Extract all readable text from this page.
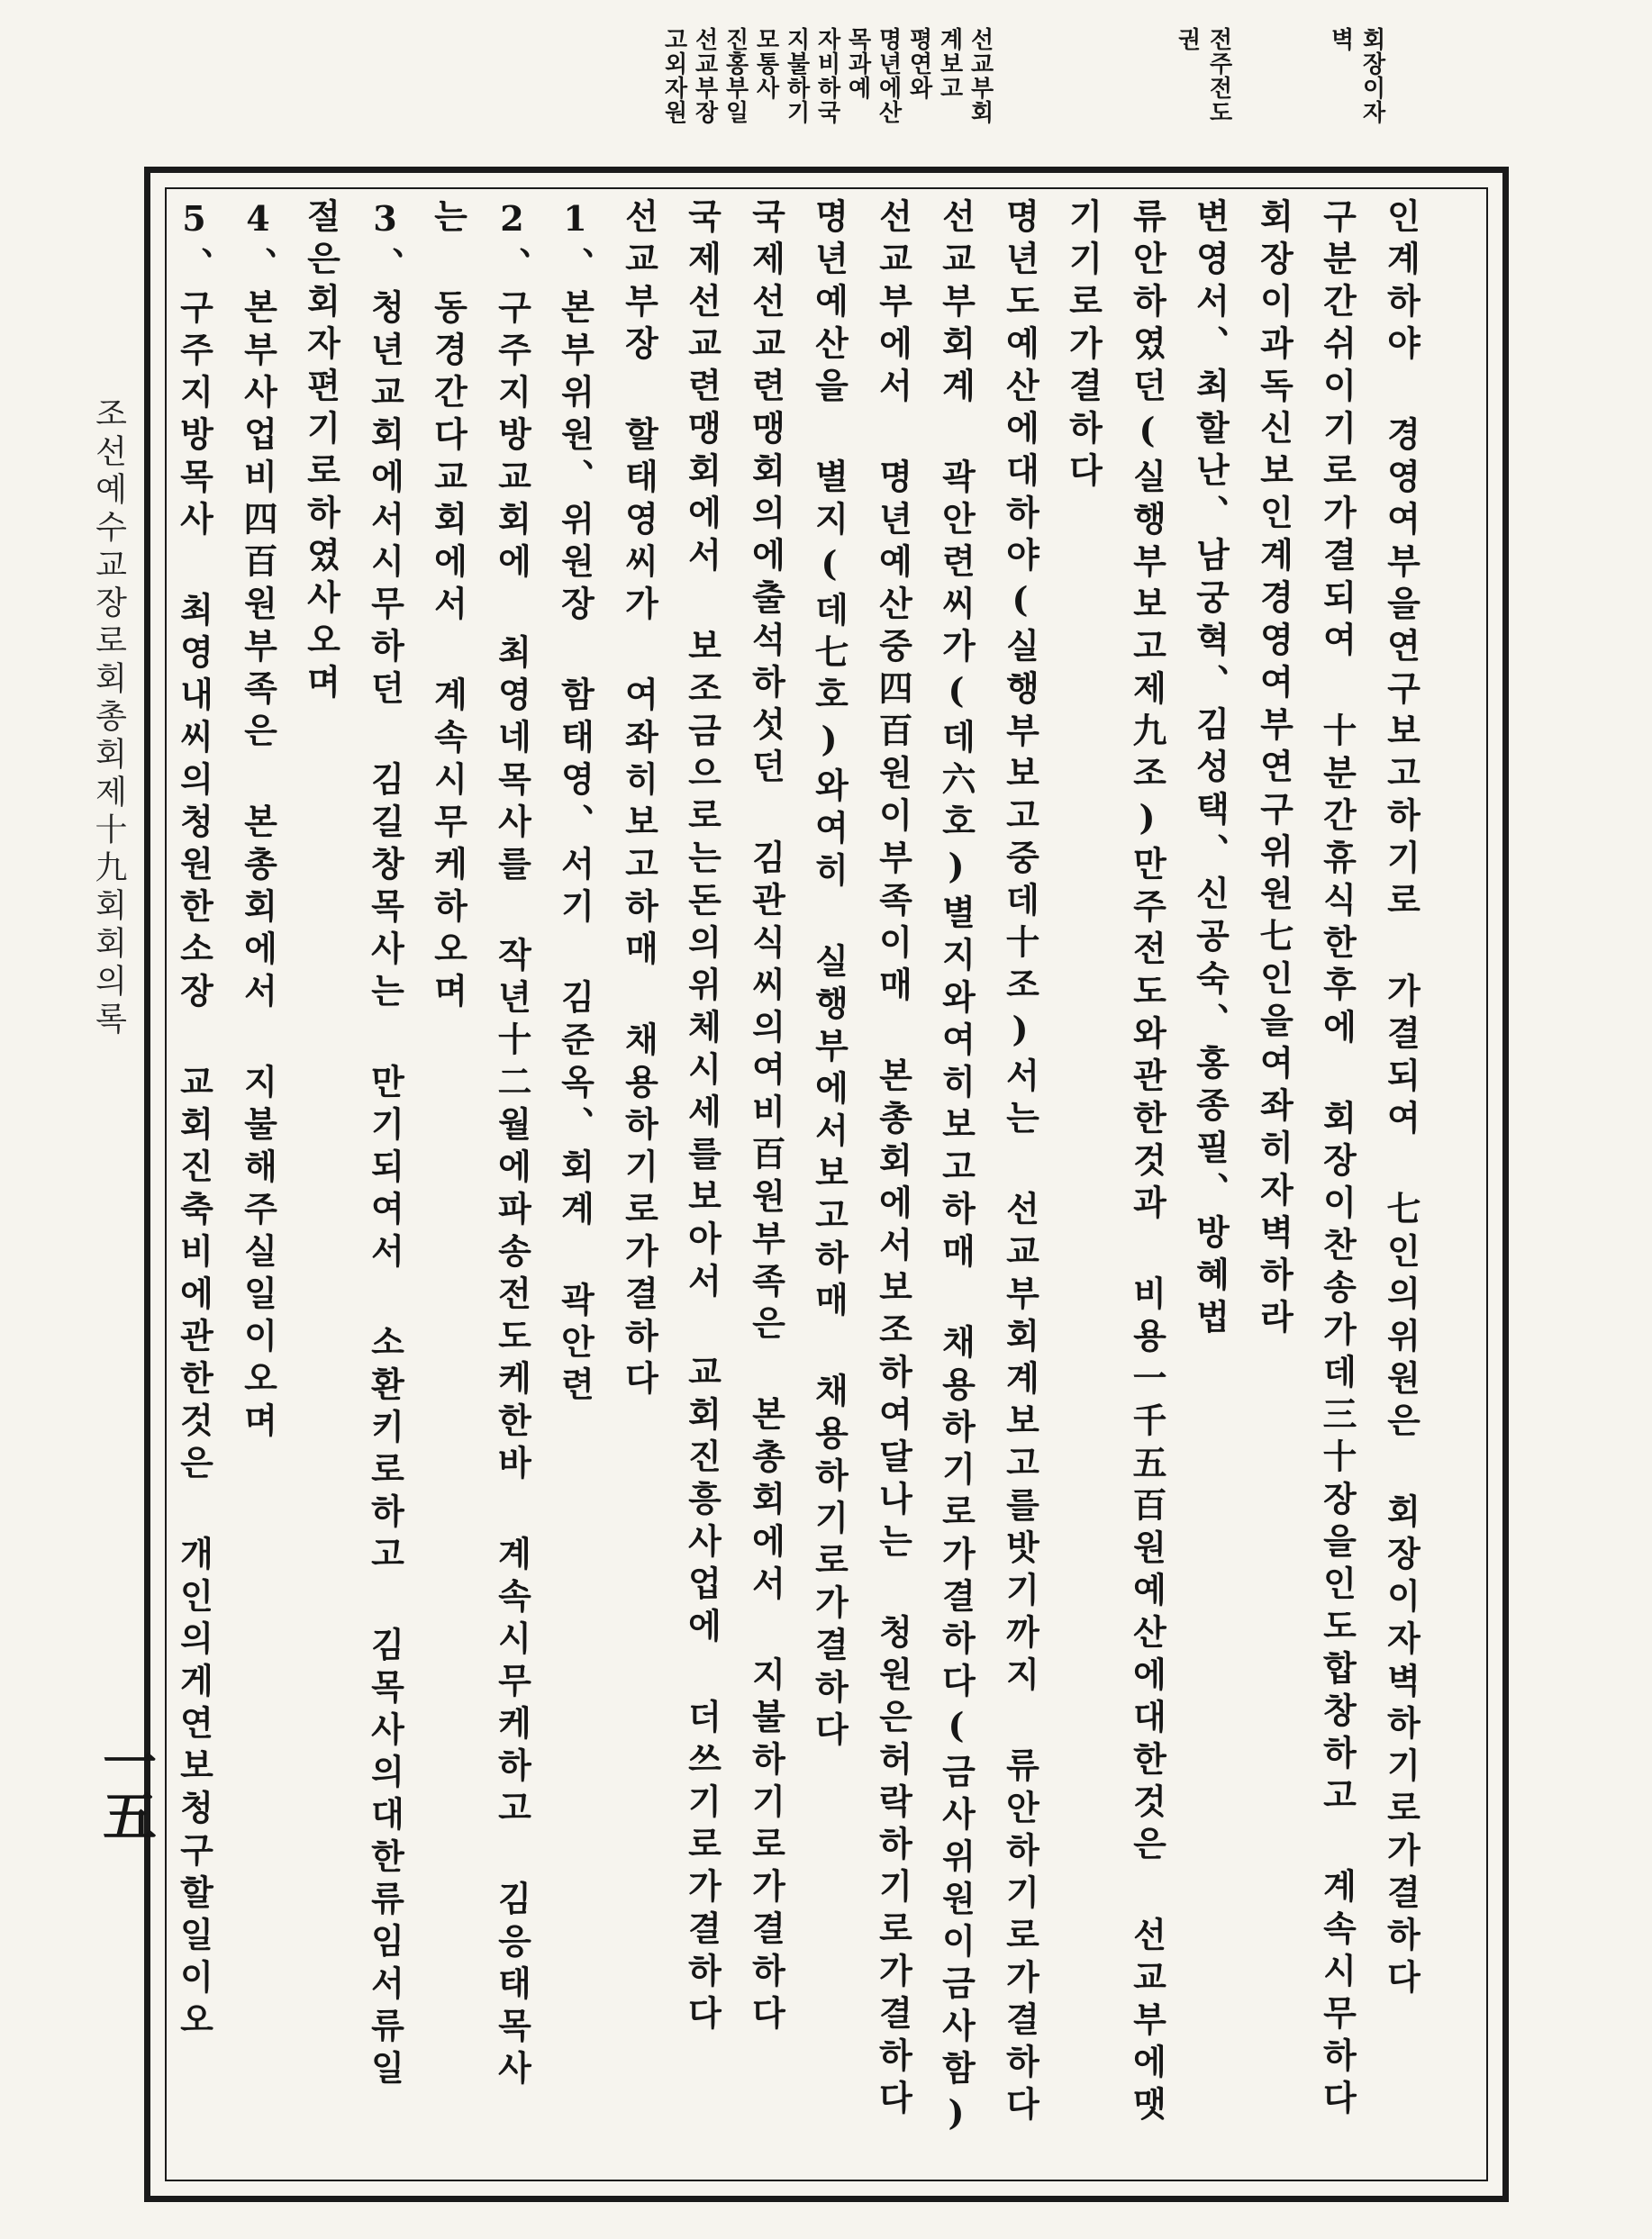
선교부회
계보고
평연와
명년에산
목과예
자비하국
지불하기
모통사
진홍부일
선교부장
고외자원	회장이자
벽
전주전도
권
인계하야 경영여부을연구보고하기로 가결되여 七인의위원은 회장이자벽하기로가결하다
구분간쉬이기로가결되여 十분간휴식한후에 회장이찬송가데三十장을인도합창하고 계속시무하다
회장이과독신보인계경영여부연구위원七인을여좌히자벽하라
변영서、최할난、남궁혁、김성택、신공숙、홍종필、방혜법
류안하였던(실행부보고제九조)만주전도와관한것과 비용一千五百원예산에대한것은 선교부에맷
기기로가결하다
명년도예산에대하야(실행부보고중데十조)서는 선교부회계보고를밧기까지 류안하기로가결하다
선교부회계 곽안련씨가(데六호)별지와여히보고하매 채용하기로가결하다(금사위원이금사함)
선교부에서 명년예산중四百원이부족이매 본총회에서보조하여달나는 청원은허락하기로가결하다
명년예산을 별지(데七호)와여히 실행부에서보고하매 채용하기로가결하다
국제선교련맹회의에출석하섯던 김관식씨의여비百원부족은 본총회에서 지불하기로가결하다
국제선교련맹회에서 보조금으로는돈의위체시세를보아서 교회진흥사업에 더쓰기로가결하다
선교부장 할태영씨가 여좌히보고하매 채용하기로가결하다
1、본부위원、위원장 함태영、서기 김준옥、회계 곽안련
2、구주지방교회에 최영네목사를 작년十二월에파송전도케한바 계속시무케하고 김응태목사
는 동경간다교회에서 계속시무케하오며
3、청년교회에서시무하던 김길창목사는 만기되여서 소환키로하고 김목사의대한류임서류일
절은회자편기로하였사오며
4、본부사업비四百원부족은 본총회에서 지불해주실일이오며
5、구주지방목사 최영내씨의청원한소장 교회진축비에관한것은 개인의게연보청구할일이오
조선예수교장로회총회제十九회회의록
一五
